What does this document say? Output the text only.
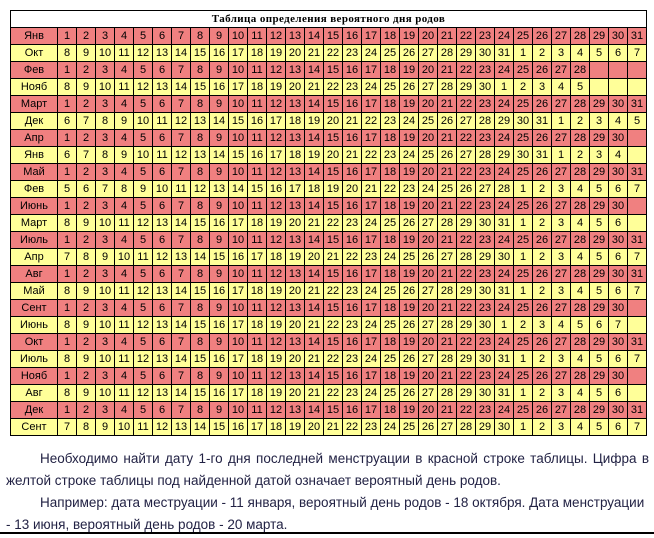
Таблица определения вероятного дня родов																															
Янв	1	2	3	4	5	6	7	8	9	10	11	12	13	14	15	16	17	18	19	20	21	22	23	24	25	26	27	28	29	30	31
Окт	8	9	10	11	12	13	14	15	16	17	18	19	20	21	22	23	24	25	26	27	28	29	30	31	1	2	3	4	5	6	7
Фев	1	2	3	4	5	6	7	8	9	10	11	12	13	14	15	16	17	18	19	20	21	22	23	24	25	26	27	28			
Нояб	8	9	10	11	12	13	14	15	16	17	18	19	20	21	22	23	24	25	26	27	28	29	30	1	2	3	4	5			
Март	1	2	3	4	5	6	7	8	9	10	11	12	13	14	15	16	17	18	19	20	21	22	23	24	25	26	27	28	29	30	31
Дек	6	7	8	9	10	11	12	13	14	15	16	17	18	19	20	21	22	23	24	25	26	27	28	29	30	31	1	2	3	4	5
Апр	1	2	3	4	5	6	7	8	9	10	11	12	13	14	15	16	17	18	19	20	21	22	23	24	25	26	27	28	29	30	
Янв	6	7	8	9	10	11	12	13	14	15	16	17	18	19	20	21	22	23	24	25	26	27	28	29	30	31	1	2	3	4	
Май	1	2	3	4	5	6	7	8	9	10	11	12	13	14	15	16	17	18	19	20	21	22	23	24	25	26	27	28	29	30	31
Фев	5	6	7	8	9	10	11	12	13	14	15	16	17	18	19	20	21	22	23	24	25	26	27	28	1	2	3	4	5	6	7
Июнь	1	2	3	4	5	6	7	8	9	10	11	12	13	14	15	16	17	18	19	20	21	22	23	24	25	26	27	28	29	30	
Март	8	9	10	11	12	13	14	15	16	17	18	19	20	21	22	23	24	25	26	27	28	29	30	31	1	2	3	4	5	6	
Июль	1	2	3	4	5	6	7	8	9	10	11	12	13	14	15	16	17	18	19	20	21	22	23	24	25	26	27	28	29	30	31
Апр	7	8	9	10	11	12	13	14	15	16	17	18	19	20	21	22	23	24	25	26	27	28	29	30	1	2	3	4	5	6	7
Авг	1	2	3	4	5	6	7	8	9	10	11	12	13	14	15	16	17	18	19	20	21	22	23	24	25	26	27	28	29	30	31
Май	8	9	10	11	12	13	14	15	16	17	18	19	20	21	22	23	24	25	26	27	28	29	30	31	1	2	3	4	5	6	7
Сент	1	2	3	4	5	6	7	8	9	10	11	12	13	14	15	16	17	18	19	20	21	22	23	24	25	26	27	28	29	30	
Июнь	8	9	10	11	12	13	14	15	16	17	18	19	20	21	22	23	24	25	26	27	28	29	30	1	2	3	4	5	6	7	
Окт	1	2	3	4	5	6	7	8	9	10	11	12	13	14	15	16	17	18	19	20	21	22	23	24	25	26	27	28	29	30	31
Июль	8	9	10	11	12	13	14	15	16	17	18	19	20	21	22	23	24	25	26	27	28	29	30	31	1	2	3	4	5	6	7
Нояб	1	2	3	4	5	6	7	8	9	10	11	12	13	14	15	16	17	18	19	20	21	22	23	24	25	26	27	28	29	30	
Авг	8	9	10	11	12	13	14	15	16	17	18	19	20	21	22	23	24	25	26	27	28	29	30	31	1	2	3	4	5	6	
Дек	1	2	3	4	5	6	7	8	9	10	11	12	13	14	15	16	17	18	19	20	21	22	23	24	25	26	27	28	29	30	31
Сент	7	8	9	10	11	12	13	14	15	16	17	18	19	20	21	22	23	24	25	26	27	28	29	30	1	2	3	4	5	6	7

Необходимо найти дату 1-го дня последней менструации в красной строке таблицы. Цифра в желтой строке таблицы под найденной датой означает вероятный день родов.

Например: дата меструации - 11 января, вероятный день родов - 18 октября. Дата менструации - 13 июня, вероятный день родов - 20 марта.
